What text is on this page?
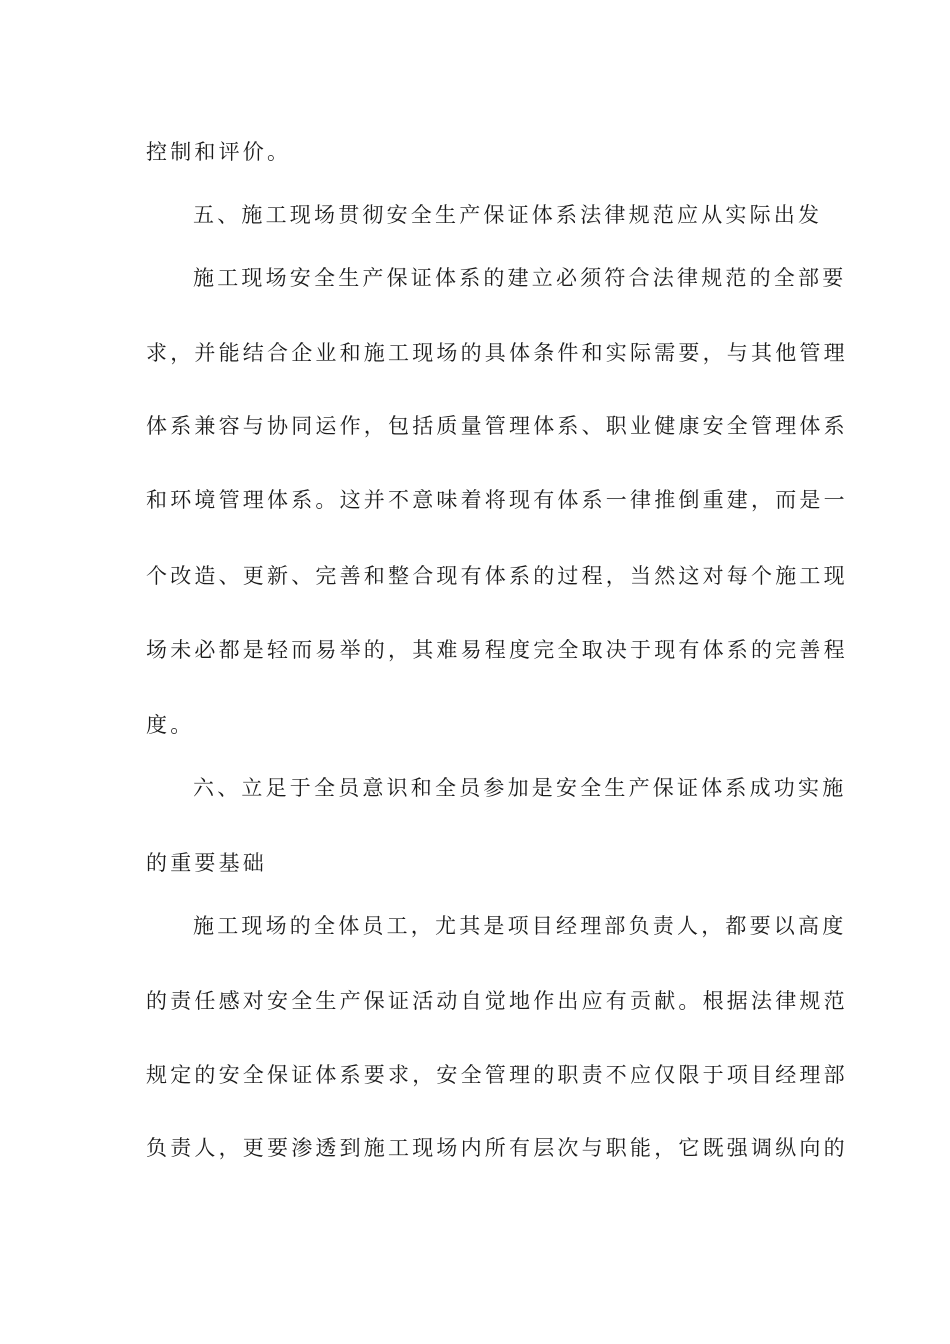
控制和评价。
五、施工现场贯彻安全生产保证体系法律规范应从实际出发
施工现场安全生产保证体系的建立必须符合法律规范的全部要
求，并能结合企业和施工现场的具体条件和实际需要，与其他管理
体系兼容与协同运作，包括质量管理体系、职业健康安全管理体系
和环境管理体系。这并不意味着将现有体系一律推倒重建，而是一
个改造、更新、完善和整合现有体系的过程，当然这对每个施工现
场未必都是轻而易举的，其难易程度完全取决于现有体系的完善程
度。
六、立足于全员意识和全员参加是安全生产保证体系成功实施
的重要基础
施工现场的全体员工，尤其是项目经理部负责人，都要以高度
的责任感对安全生产保证活动自觉地作出应有贡献。根据法律规范
规定的安全保证体系要求，安全管理的职责不应仅限于项目经理部
负责人，更要渗透到施工现场内所有层次与职能，它既强调纵向的
